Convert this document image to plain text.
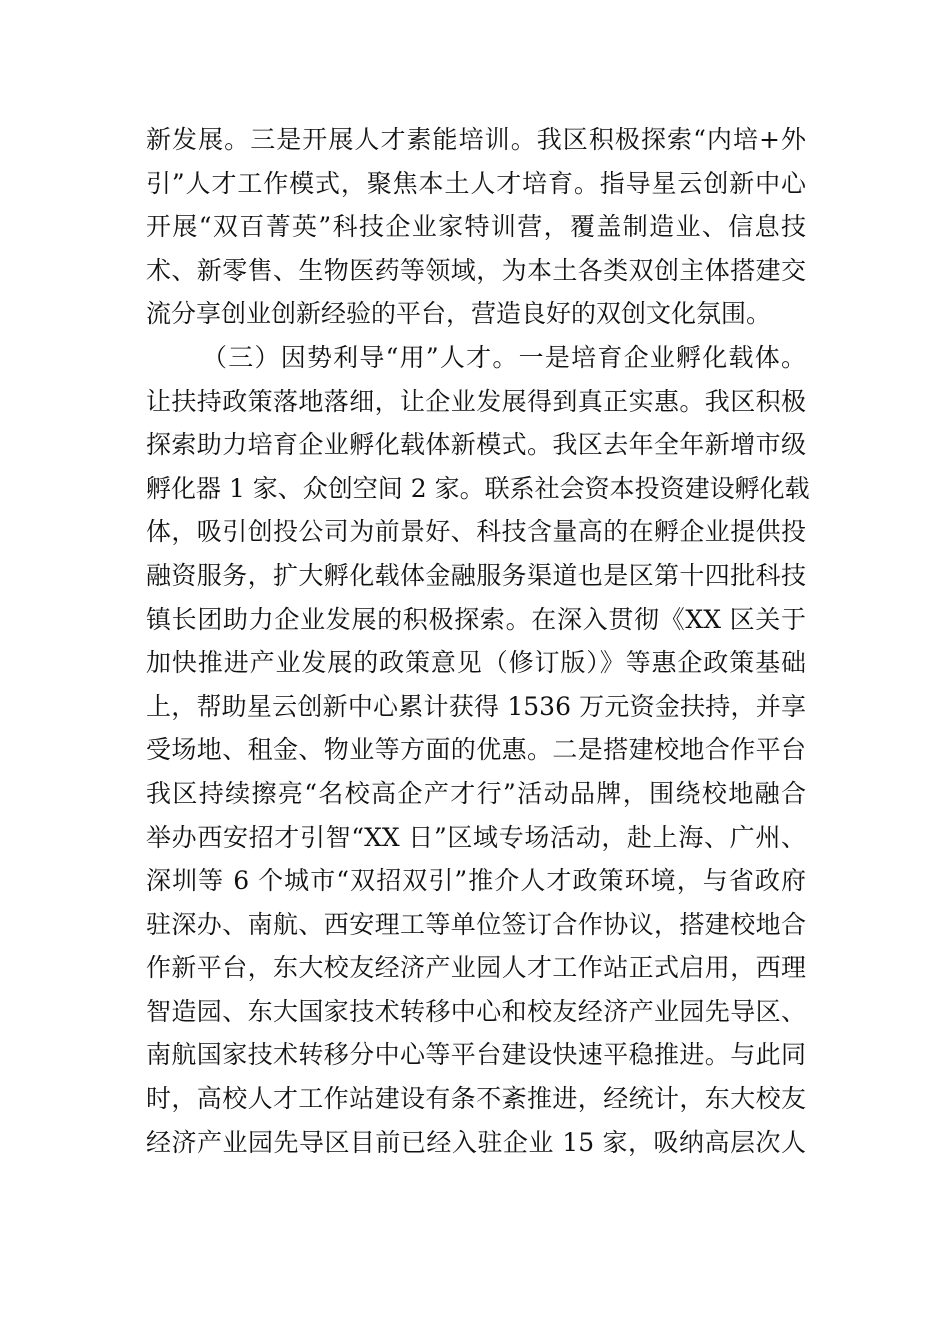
新发展。三是开展人才素能培训。我区积极探索“内培+外
引”人才工作模式，聚焦本土人才培育。指导星云创新中心
开展“双百菁英”科技企业家特训营，覆盖制造业、信息技
术、新零售、生物医药等领域，为本土各类双创主体搭建交
流分享创业创新经验的平台，营造良好的双创文化氛围。
（三）因势利导“用”人才。一是培育企业孵化载体。
让扶持政策落地落细，让企业发展得到真正实惠。我区积极
探索助力培育企业孵化载体新模式。我区去年全年新增市级
孵化器 1 家、众创空间 2 家。联系社会资本投资建设孵化载
体，吸引创投公司为前景好、科技含量高的在孵企业提供投
融资服务，扩大孵化载体金融服务渠道也是区第十四批科技
镇长团助力企业发展的积极探索。在深入贯彻《XX 区关于
加快推进产业发展的政策意见（修订版）》等惠企政策基础
上，帮助星云创新中心累计获得 1536 万元资金扶持，并享
受场地、租金、物业等方面的优惠。二是搭建校地合作平台
我区持续擦亮“名校高企产才行”活动品牌，围绕校地融合
举办西安招才引智“XX 日”区域专场活动，赴上海、广州、
深圳等 6 个城市“双招双引”推介人才政策环境，与省政府
驻深办、南航、西安理工等单位签订合作协议，搭建校地合
作新平台，东大校友经济产业园人才工作站正式启用，西理
智造园、东大国家技术转移中心和校友经济产业园先导区、
南航国家技术转移分中心等平台建设快速平稳推进。与此同
时，高校人才工作站建设有条不紊推进，经统计，东大校友
经济产业园先导区目前已经入驻企业 15 家，吸纳高层次人
